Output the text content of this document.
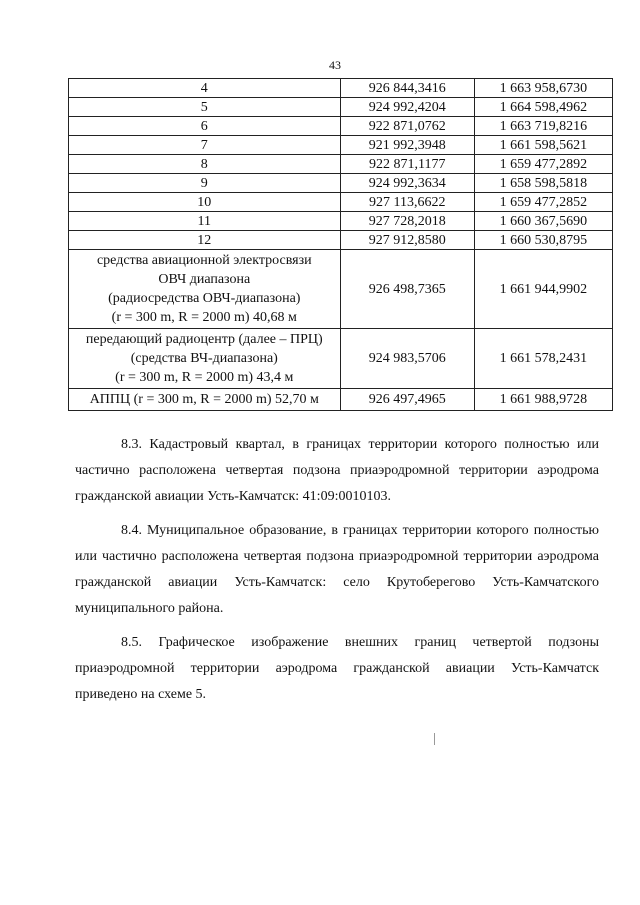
43
4	926 844,3416	1 663 958,6730
5	924 992,4204	1 664 598,4962
6	922 871,0762	1 663 719,8216
7	921 992,3948	1 661 598,5621
8	922 871,1177	1 659 477,2892
9	924 992,3634	1 658 598,5818
10	927 113,6622	1 659 477,2852
11	927 728,2018	1 660 367,5690
12	927 912,8580	1 660 530,8795

средства авиационной электросвязи
ОВЧ диапазона
(радиосредства ОВЧ-диапазона)
(r = 300 m, R = 2000 m) 40,68 м	926 498,7365	1 661 944,9902

передающий радиоцентр (далее – ПРЦ)
(средства ВЧ-диапазона)
(r = 300 m, R = 2000 m) 43,4 м	924 983,5706	1 661 578,2431

АППЦ (r = 300 m, R = 2000 m) 52,70 м	926 497,4965	1 661 988,9728

8.3. Кадастровый квартал, в границах территории которого полностью или частично расположена четвертая подзона приаэродромной территории аэродрома гражданской авиации Усть-Камчатск: 41:09:0010103.

8.4. Муниципальное образование, в границах территории которого полностью или частично расположена четвертая подзона приаэродромной территории аэродрома гражданской авиации Усть-Камчатск: село Крутоберегово Усть-Камчатского муниципального района.

8.5. Графическое изображение внешних границ четвертой подзоны приаэродромной территории аэродрома гражданской авиации Усть-Камчатск приведено на схеме 5.
